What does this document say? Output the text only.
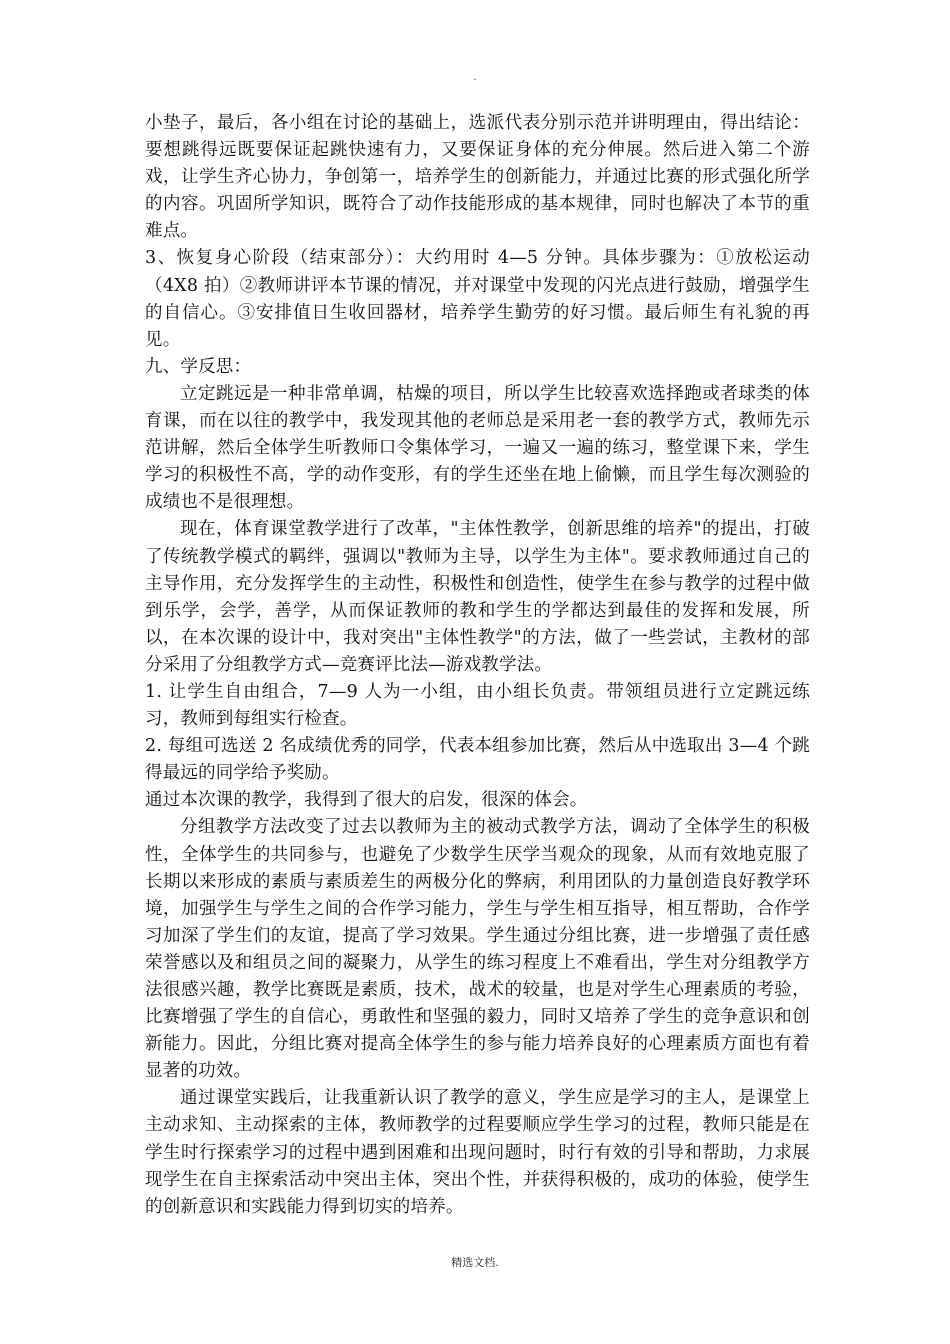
.

小垫子，最后，各小组在讨论的基础上，选派代表分别示范并讲明理由，得出结论：要想跳得远既要保证起跳快速有力，又要保证身体的充分伸展。然后进入第二个游戏，让学生齐心协力，争创第一，培养学生的创新能力，并通过比赛的形式强化所学的内容。巩固所学知识，既符合了动作技能形成的基本规律，同时也解决了本节的重难点。

3、恢复身心阶段（结束部分）：大约用时 4—5 分钟。具体步骤为：①放松运动（4X8 拍）②教师讲评本节课的情况，并对课堂中发现的闪光点进行鼓励，增强学生的自信心。③安排值日生收回器材，培养学生勤劳的好习惯。最后师生有礼貌的再见。

九、学反思：

立定跳远是一种非常单调，枯燥的项目，所以学生比较喜欢选择跑或者球类的体育课，而在以往的教学中，我发现其他的老师总是采用老一套的教学方式，教师先示范讲解，然后全体学生听教师口令集体学习，一遍又一遍的练习，整堂课下来，学生学习的积极性不高，学的动作变形，有的学生还坐在地上偷懒，而且学生每次测验的成绩也不是很理想。

现在，体育课堂教学进行了改革，"主体性教学，创新思维的培养"的提出，打破了传统教学模式的羁绊，强调以"教师为主导，以学生为主体"。要求教师通过自己的主导作用，充分发挥学生的主动性，积极性和创造性，使学生在参与教学的过程中做到乐学，会学，善学，从而保证教师的教和学生的学都达到最佳的发挥和发展，所以，在本次课的设计中，我对突出"主体性教学"的方法，做了一些尝试，主教材的部分采用了分组教学方式—竞赛评比法—游戏教学法。

1. 让学生自由组合，7—9 人为一小组，由小组长负责。带领组员进行立定跳远练习，教师到每组实行检查。

2. 每组可选送 2 名成绩优秀的同学，代表本组参加比赛，然后从中选取出 3—4 个跳得最远的同学给予奖励。

通过本次课的教学，我得到了很大的启发，很深的体会。

分组教学方法改变了过去以教师为主的被动式教学方法，调动了全体学生的积极性，全体学生的共同参与，也避免了少数学生厌学当观众的现象，从而有效地克服了长期以来形成的素质与素质差生的两极分化的弊病，利用团队的力量创造良好教学环境，加强学生与学生之间的合作学习能力，学生与学生相互指导，相互帮助，合作学习加深了学生们的友谊，提高了学习效果。学生通过分组比赛，进一步增强了责任感荣誉感以及和组员之间的凝聚力，从学生的练习程度上不难看出，学生对分组教学方法很感兴趣，教学比赛既是素质，技术，战术的较量，也是对学生心理素质的考验，比赛增强了学生的自信心，勇敢性和坚强的毅力，同时又培养了学生的竞争意识和创新能力。因此，分组比赛对提高全体学生的参与能力培养良好的心理素质方面也有着显著的功效。

通过课堂实践后，让我重新认识了教学的意义，学生应是学习的主人，是课堂上主动求知、主动探索的主体，教师教学的过程要顺应学生学习的过程，教师只能是在学生时行探索学习的过程中遇到困难和出现问题时，时行有效的引导和帮助，力求展现学生在自主探索活动中突出主体，突出个性，并获得积极的，成功的体验，使学生的创新意识和实践能力得到切实的培养。

精选文档.
